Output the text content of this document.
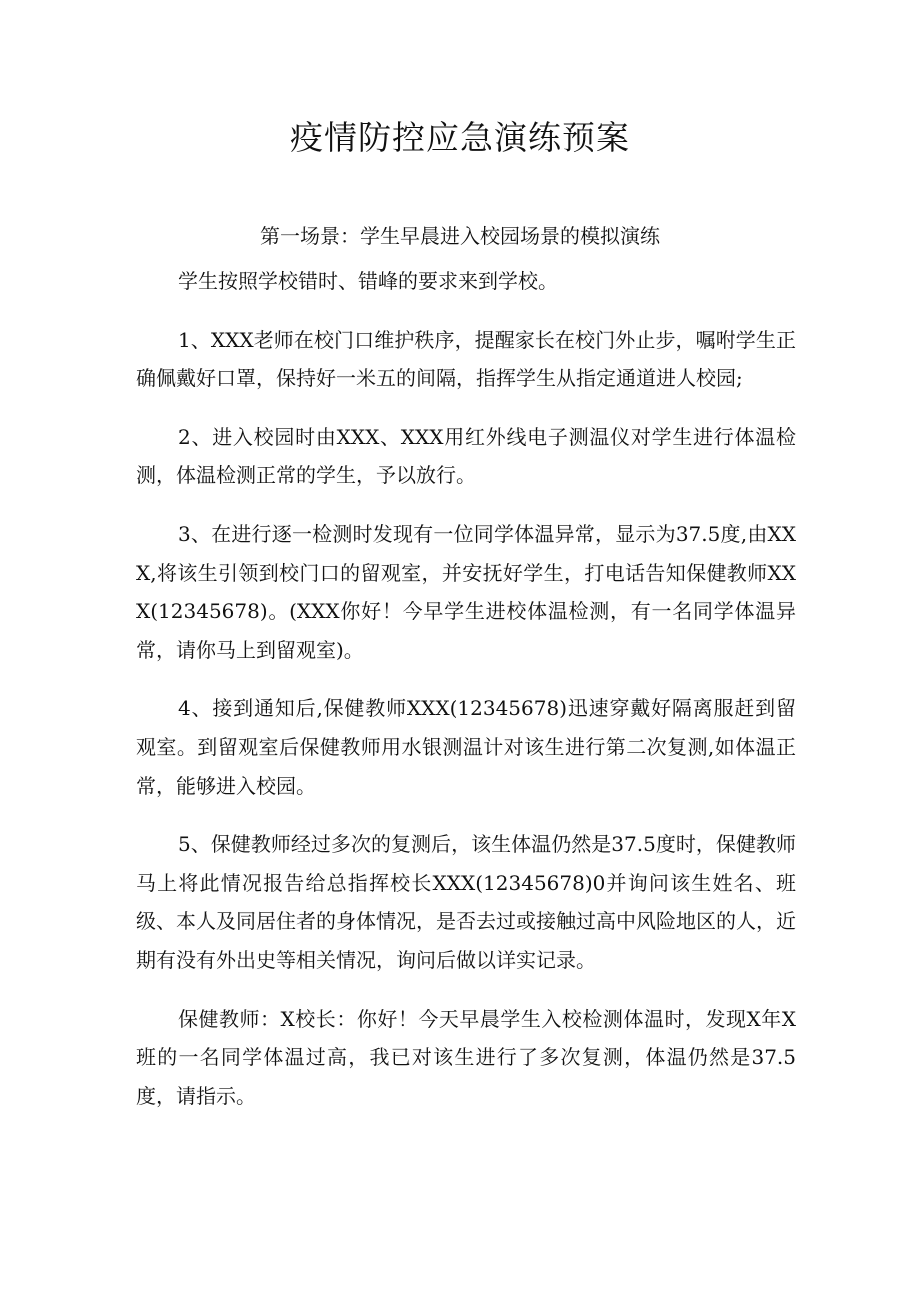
疫情防控应急演练预案
第一场景：学生早晨进入校园场景的模拟演练

学生按照学校错时、错峰的要求来到学校。

1、XXX老师在校门口维护秩序，提醒家长在校门外止步，嘱咐学生正确佩戴好口罩，保持好一米五的间隔，指挥学生从指定通道进人校园;

2、进入校园时由XXX、XXX用红外线电子测温仪对学生进行体温检测，体温检测正常的学生，予以放行。

3、在进行逐一检测时发现有一位同学体温异常，显示为37.5度,由XXX,将该生引领到校门口的留观室，并安抚好学生，打电话告知保健教师XXX(12345678)。(XXX你好！今早学生进校体温检测，有一名同学体温异常，请你马上到留观室)。

4、接到通知后,保健教师XXX(12345678)迅速穿戴好隔离服赶到留观室。到留观室后保健教师用水银测温计对该生进行第二次复测,如体温正常，能够进入校园。

5、保健教师经过多次的复测后，该生体温仍然是37.5度时，保健教师马上将此情况报告给总指挥校长XXX(12345678)0并询问该生姓名、班级、本人及同居住者的身体情况，是否去过或接触过高中风险地区的人，近期有没有外出史等相关情况，询问后做以详实记录。

保健教师：X校长：你好！今天早晨学生入校检测体温时，发现X年X班的一名同学体温过高，我已对该生进行了多次复测，体温仍然是37.5度，请指示。
